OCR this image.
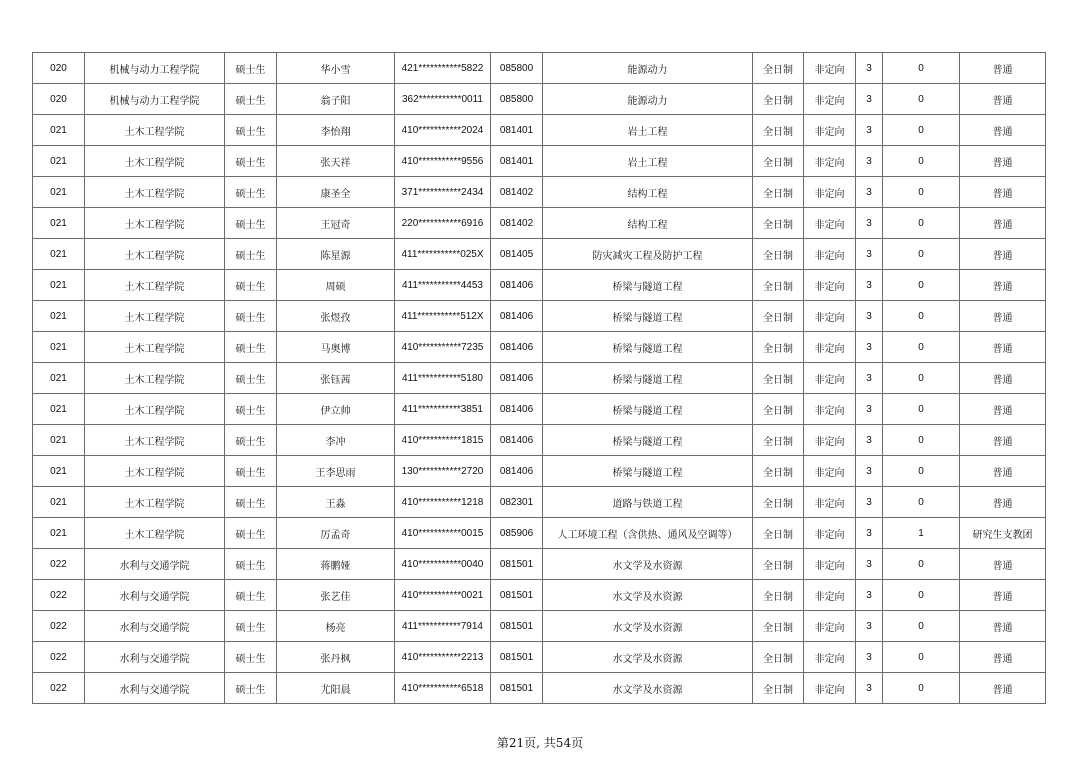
020	机械与动力工程学院	硕士生	华小雪	421***********5822	085800	能源动力	全日制	非定向	3	0	普通
020	机械与动力工程学院	硕士生	翁子阳	362***********0011	085800	能源动力	全日制	非定向	3	0	普通
021	土木工程学院	硕士生	李怡翔	410***********2024	081401	岩土工程	全日制	非定向	3	0	普通
021	土木工程学院	硕士生	张天祥	410***********9556	081401	岩土工程	全日制	非定向	3	0	普通
021	土木工程学院	硕士生	康圣全	371***********2434	081402	结构工程	全日制	非定向	3	0	普通
021	土木工程学院	硕士生	王冠奇	220***********6916	081402	结构工程	全日制	非定向	3	0	普通
021	土木工程学院	硕士生	陈星源	411***********025X	081405	防灾减灾工程及防护工程	全日制	非定向	3	0	普通
021	土木工程学院	硕士生	周硕	411***********4453	081406	桥梁与隧道工程	全日制	非定向	3	0	普通
021	土木工程学院	硕士生	张煜孜	411***********512X	081406	桥梁与隧道工程	全日制	非定向	3	0	普通
021	土木工程学院	硕士生	马奥博	410***********7235	081406	桥梁与隧道工程	全日制	非定向	3	0	普通
021	土木工程学院	硕士生	张钰茜	411***********5180	081406	桥梁与隧道工程	全日制	非定向	3	0	普通
021	土木工程学院	硕士生	伊立帅	411***********3851	081406	桥梁与隧道工程	全日制	非定向	3	0	普通
021	土木工程学院	硕士生	李冲	410***********1815	081406	桥梁与隧道工程	全日制	非定向	3	0	普通
021	土木工程学院	硕士生	王李思雨	130***********2720	081406	桥梁与隧道工程	全日制	非定向	3	0	普通
021	土木工程学院	硕士生	王淼	410***********1218	082301	道路与铁道工程	全日制	非定向	3	0	普通
021	土木工程学院	硕士生	厉孟奇	410***********0015	085906	人工环境工程（含供热、通风及空调等）	全日制	非定向	3	1	研究生支教团
022	水利与交通学院	硕士生	蒋鹏娅	410***********0040	081501	水文学及水资源	全日制	非定向	3	0	普通
022	水利与交通学院	硕士生	张艺佳	410***********0021	081501	水文学及水资源	全日制	非定向	3	0	普通
022	水利与交通学院	硕士生	杨亮	411***********7914	081501	水文学及水资源	全日制	非定向	3	0	普通
022	水利与交通学院	硕士生	张丹枫	410***********2213	081501	水文学及水资源	全日制	非定向	3	0	普通
022	水利与交通学院	硕士生	尤阳晨	410***********6518	081501	水文学及水资源	全日制	非定向	3	0	普通
第21页, 共54页
